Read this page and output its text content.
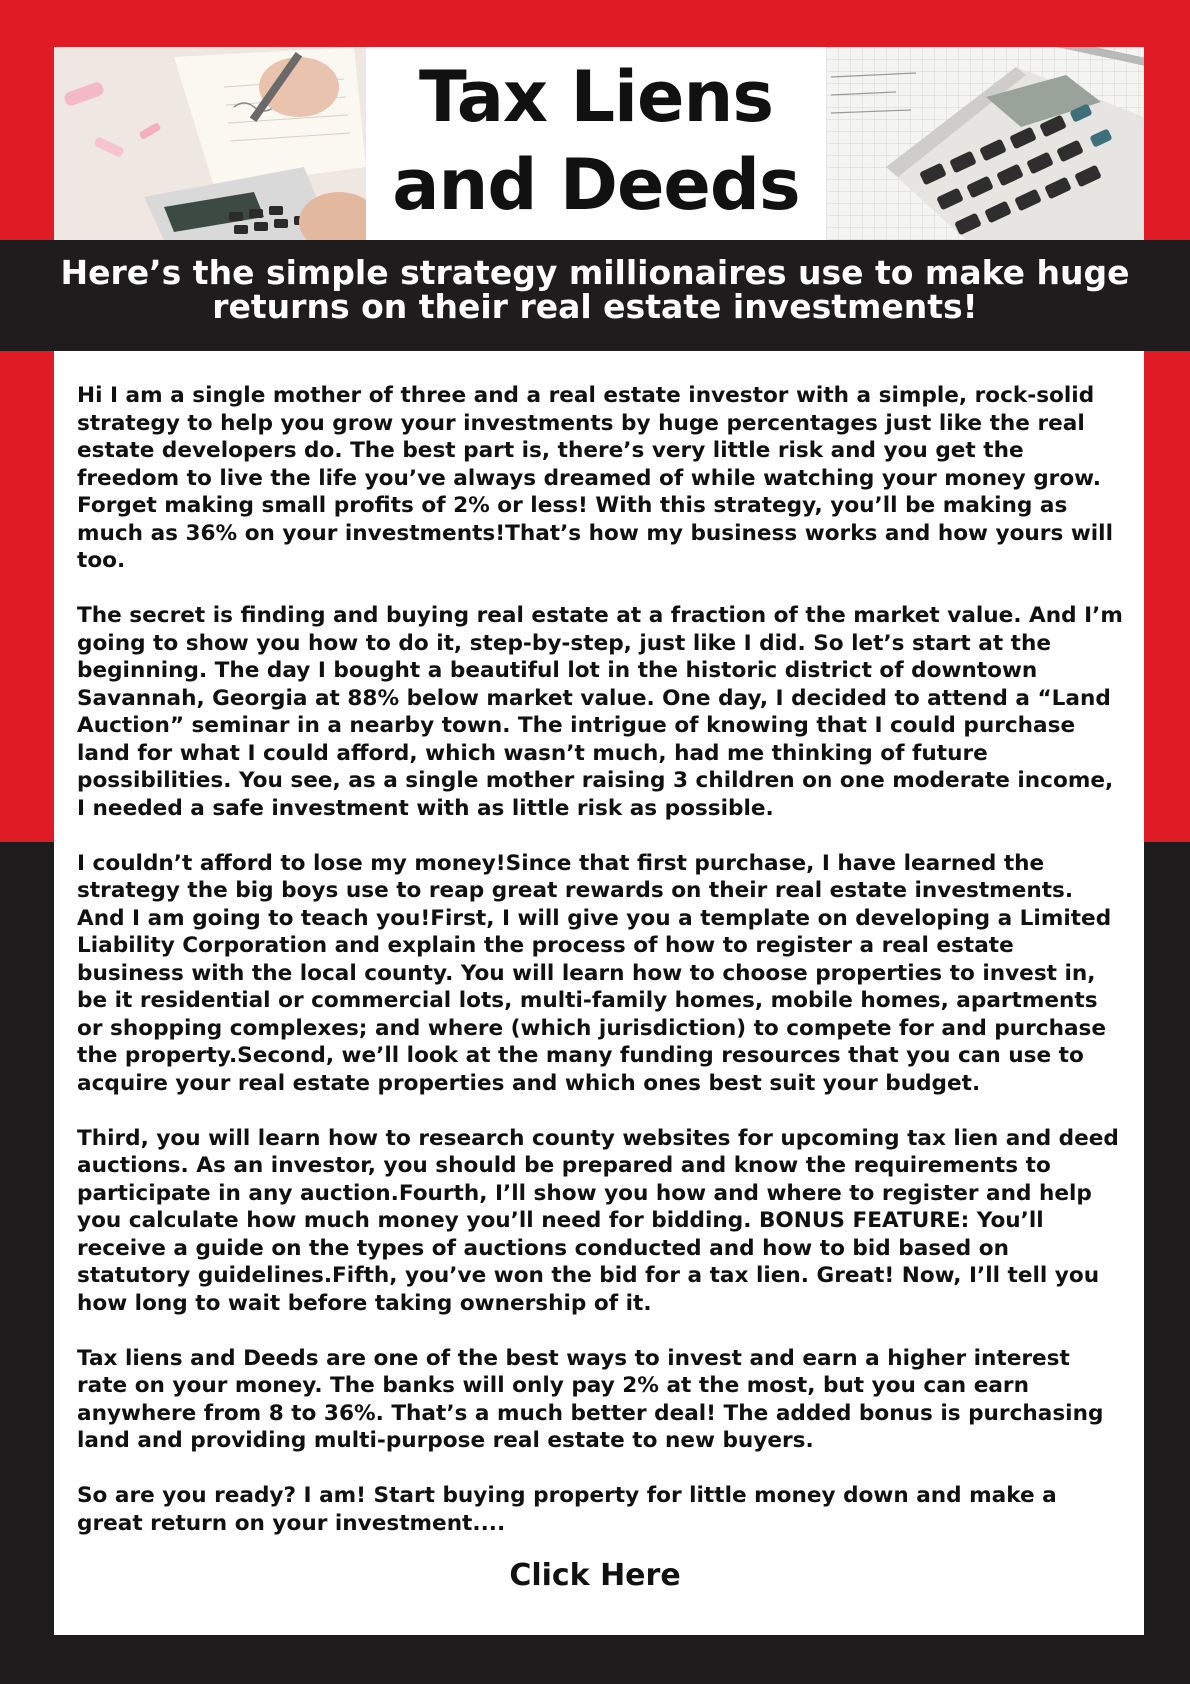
Tax Liens
and Deeds
Here’s the simple strategy millionaires use to make huge returns on their real estate investments!

Hi I am a single mother of three and a real estate investor with a simple, rock-solid strategy to help you grow your investments by huge percentages just like the real estate developers do. The best part is, there’s very little risk and you get the freedom to live the life you’ve always dreamed of while watching your money grow. Forget making small profits of 2% or less! With this strategy, you’ll be making as much as 36% on your investments!That’s how my business works and how yours will too.

The secret is finding and buying real estate at a fraction of the market value. And I’m going to show you how to do it, step-by-step, just like I did. So let’s start at the beginning. The day I bought a beautiful lot in the historic district of downtown Savannah, Georgia at 88% below market value. One day, I decided to attend a “Land Auction” seminar in a nearby town. The intrigue of knowing that I could purchase land for what I could afford, which wasn’t much, had me thinking of future possibilities. You see, as a single mother raising 3 children on one moderate income,
I needed a safe investment with as little risk as possible.

I couldn’t afford to lose my money!Since that first purchase, I have learned the strategy the big boys use to reap great rewards on their real estate investments. And I am going to teach you!First, I will give you a template on developing a Limited Liability Corporation and explain the process of how to register a real estate business with the local county. You will learn how to choose properties to invest in, be it residential or commercial lots, multi-family homes, mobile homes, apartments or shopping complexes; and where (which jurisdiction) to compete for and purchase the property.Second, we’ll look at the many funding resources that you can use to acquire your real estate properties and which ones best suit your budget.

Third, you will learn how to research county websites for upcoming tax lien and deed auctions. As an investor, you should be prepared and know the requirements to participate in any auction.Fourth, I’ll show you how and where to register and help you calculate how much money you’ll need for bidding. BONUS FEATURE: You’ll receive a guide on the types of auctions conducted and how to bid based on statutory guidelines.Fifth, you’ve won the bid for a tax lien. Great! Now, I’ll tell you how long to wait before taking ownership of it.

Tax liens and Deeds are one of the best ways to invest and earn a higher interest rate on your money. The banks will only pay 2% at the most, but you can earn anywhere from 8 to 36%. That’s a much better deal! The added bonus is purchasing land and providing multi-purpose real estate to new buyers.

So are you ready? I am! Start buying property for little money down and make a great return on your investment....

Click Here
